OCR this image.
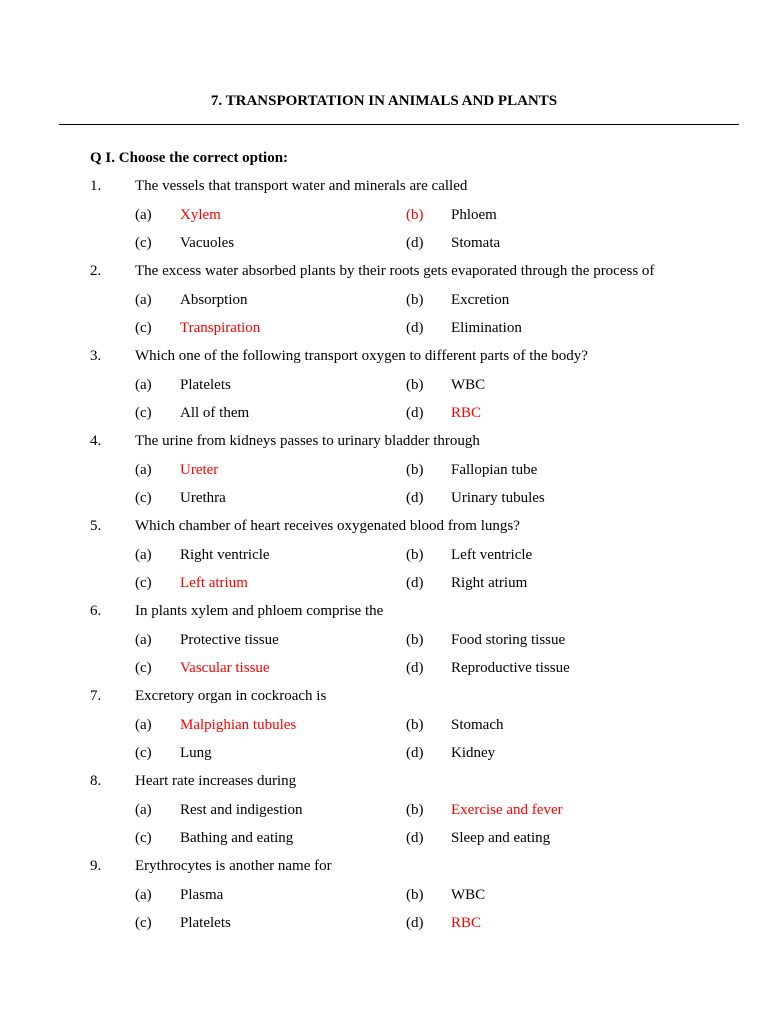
7. TRANSPORTATION IN ANIMALS AND PLANTS
Q I. Choose the correct option:
1. The vessels that transport water and minerals are called
(a) Xylem	(b) Phloem
(c) Vacuoles	(d) Stomata
2. The excess water absorbed plants by their roots gets evaporated through the process of
(a) Absorption	(b) Excretion
(c) Transpiration	(d) Elimination
3. Which one of the following transport oxygen to different parts of the body?
(a) Platelets	(b) WBC
(c) All of them	(d) RBC
4. The urine from kidneys passes to urinary bladder through
(a) Ureter	(b) Fallopian tube
(c) Urethra	(d) Urinary tubules
5. Which chamber of heart receives oxygenated blood from lungs?
(a) Right ventricle	(b) Left ventricle
(c) Left atrium	(d) Right atrium
6. In plants xylem and phloem comprise the
(a) Protective tissue	(b) Food storing tissue
(c) Vascular tissue	(d) Reproductive tissue
7. Excretory organ in cockroach is
(a) Malpighian tubules	(b) Stomach
(c) Lung	(d) Kidney
8. Heart rate increases during
(a) Rest and indigestion	(b) Exercise and fever
(c) Bathing and eating	(d) Sleep and eating
9. Erythrocytes is another name for
(a) Plasma	(b) WBC
(c) Platelets	(d) RBC
